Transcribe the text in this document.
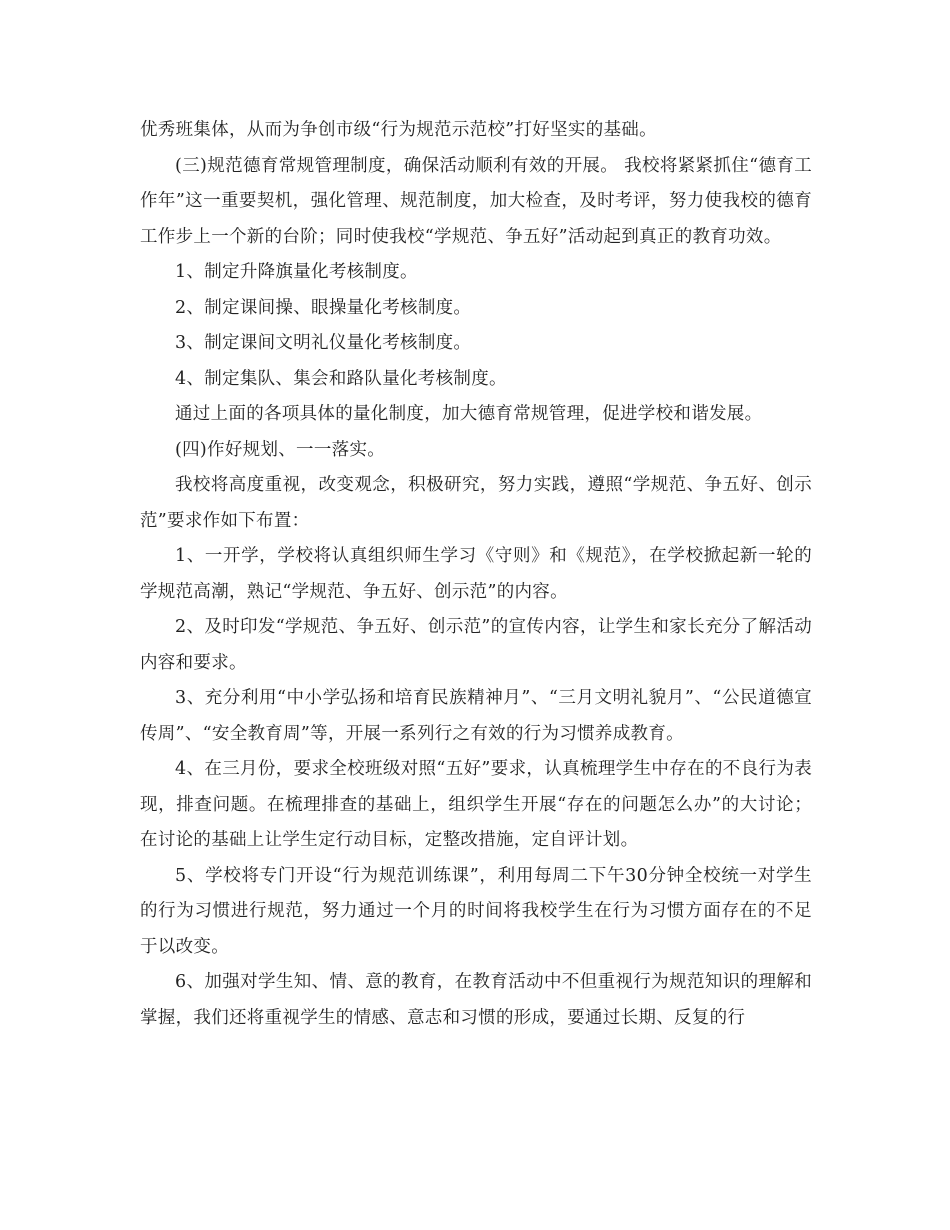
优秀班集体，从而为争创市级“行为规范示范校”打好坚实的基础。

(三)规范德育常规管理制度，确保活动顺利有效的开展。 我校将紧紧抓住“德育工作年”这一重要契机，强化管理、规范制度，加大检查，及时考评，努力使我校的德育工作步上一个新的台阶；同时使我校“学规范、争五好”活动起到真正的教育功效。

1、制定升降旗量化考核制度。

2、制定课间操、眼操量化考核制度。

3、制定课间文明礼仪量化考核制度。

4、制定集队、集会和路队量化考核制度。

通过上面的各项具体的量化制度，加大德育常规管理，促进学校和谐发展。

(四)作好规划、一一落实。

我校将高度重视，改变观念，积极研究，努力实践，遵照“学规范、争五好、创示范”要求作如下布置：

1、一开学，学校将认真组织师生学习《守则》和《规范》，在学校掀起新一轮的学规范高潮，熟记“学规范、争五好、创示范”的内容。

2、及时印发“学规范、争五好、创示范”的宣传内容，让学生和家长充分了解活动内容和要求。

3、充分利用“中小学弘扬和培育民族精神月”、“三月文明礼貌月”、“公民道德宣传周”、“安全教育周”等，开展一系列行之有效的行为习惯养成教育。

4、在三月份，要求全校班级对照“五好”要求，认真梳理学生中存在的不良行为表现，排查问题。在梳理排查的基础上，组织学生开展“存在的问题怎么办”的大讨论；在讨论的基础上让学生定行动目标，定整改措施，定自评计划。

5、学校将专门开设“行为规范训练课”，利用每周二下午30分钟全校统一对学生的行为习惯进行规范，努力通过一个月的时间将我校学生在行为习惯方面存在的不足于以改变。

6、加强对学生知、情、意的教育，在教育活动中不但重视行为规范知识的理解和掌握，我们还将重视学生的情感、意志和习惯的形成，要通过长期、反复的行
